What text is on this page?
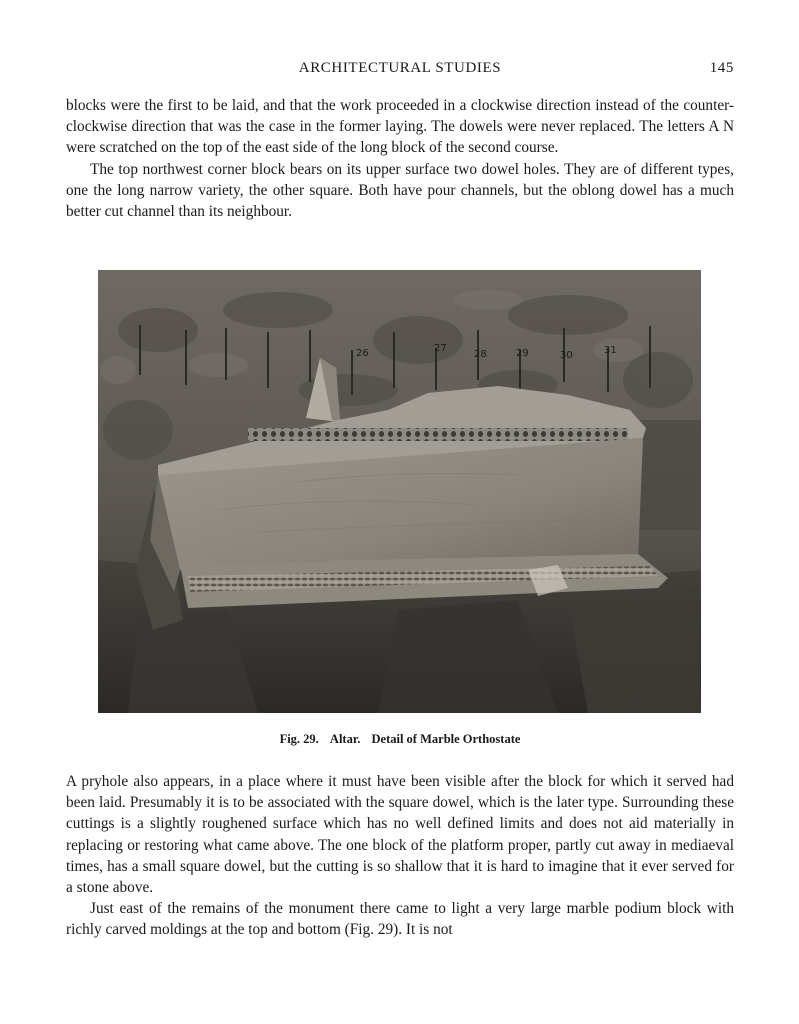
ARCHITECTURAL STUDIES	145

blocks were the first to be laid, and that the work proceeded in a clockwise direction instead of the counter-clockwise direction that was the case in the former laying. The dowels were never replaced. The letters A N were scratched on the top of the east side of the long block of the second course.

The top northwest corner block bears on its upper surface two dowel holes. They are of different types, one the long narrow variety, the other square. Both have pour channels, but the oblong dowel has a much better cut channel than its neighbour.

26	27
28	29	30	31
Fig. 29. Altar. Detail of Marble Orthostate

A pryhole also appears, in a place where it must have been visible after the block for which it served had been laid. Presumably it is to be associated with the square dowel, which is the later type. Surrounding these cuttings is a slightly roughened surface which has no well defined limits and does not aid materially in replacing or restoring what came above. The one block of the platform proper, partly cut away in mediaeval times, has a small square dowel, but the cutting is so shallow that it is hard to imagine that it ever served for a stone above.

Just east of the remains of the monument there came to light a very large marble podium block with richly carved moldings at the top and bottom (Fig. 29). It is not
